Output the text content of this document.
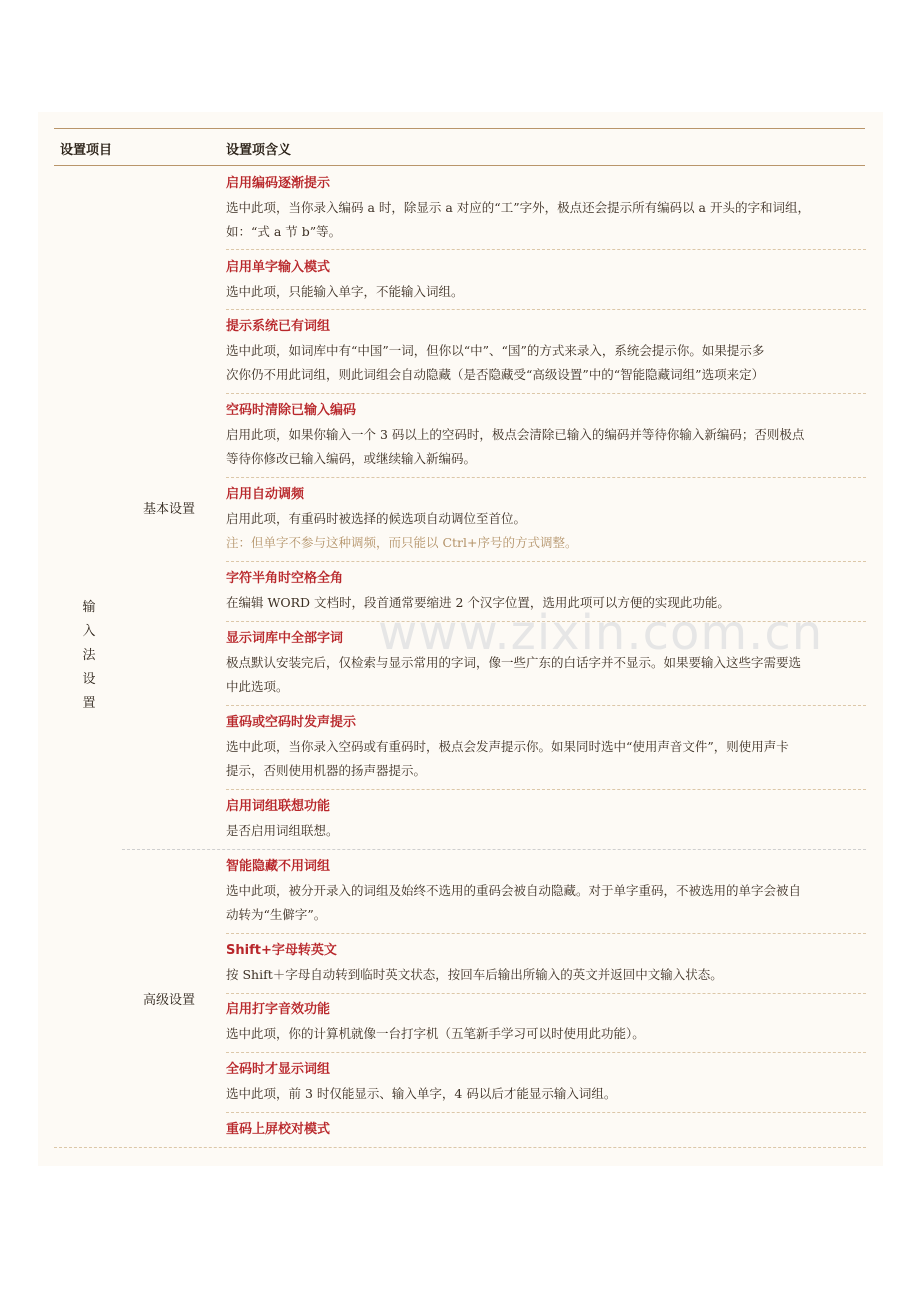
设置项目	设置项含义
输
入
法
设
置
基本设置
高级设置
www.zixin.com.cn
启用编码逐渐提示
选中此项，当你录入编码 a 时，除显示 a 对应的“工”字外，极点还会提示所有编码以 a 开头的字和词组，
如：“式 a 节 b”等。
启用单字输入模式
选中此项，只能输入单字，不能输入词组。
提示系统已有词组
选中此项，如词库中有“中国”一词，但你以“中”、“国”的方式来录入，系统会提示你。如果提示多
次你仍不用此词组，则此词组会自动隐藏（是否隐藏受“高级设置”中的“智能隐藏词组”选项来定）
空码时清除已输入编码
启用此项，如果你输入一个 3 码以上的空码时，极点会清除已输入的编码并等待你输入新编码；否则极点
等待你修改已输入编码，或继续输入新编码。
启用自动调频
启用此项，有重码时被选择的候选项自动调位至首位。
注：但单字不参与这种调频，而只能以 Ctrl+序号的方式调整。
字符半角时空格全角
在编辑 WORD 文档时，段首通常要缩进 2 个汉字位置，选用此项可以方便的实现此功能。
显示词库中全部字词
极点默认安装完后，仅检索与显示常用的字词，像一些广东的白话字并不显示。如果要输入这些字需要选
中此选项。
重码或空码时发声提示
选中此项，当你录入空码或有重码时，极点会发声提示你。如果同时选中“使用声音文件”，则使用声卡
提示，否则使用机器的扬声器提示。
启用词组联想功能
是否启用词组联想。
智能隐藏不用词组
选中此项，被分开录入的词组及始终不选用的重码会被自动隐藏。对于单字重码，不被选用的单字会被自
动转为“生僻字”。
Shift+字母转英文
按 Shift＋字母自动转到临时英文状态，按回车后输出所输入的英文并返回中文输入状态。
启用打字音效功能
选中此项，你的计算机就像一台打字机（五笔新手学习可以时使用此功能）。
全码时才显示词组
选中此项，前 3 时仅能显示、输入单字，4 码以后才能显示输入词组。
重码上屏校对模式
